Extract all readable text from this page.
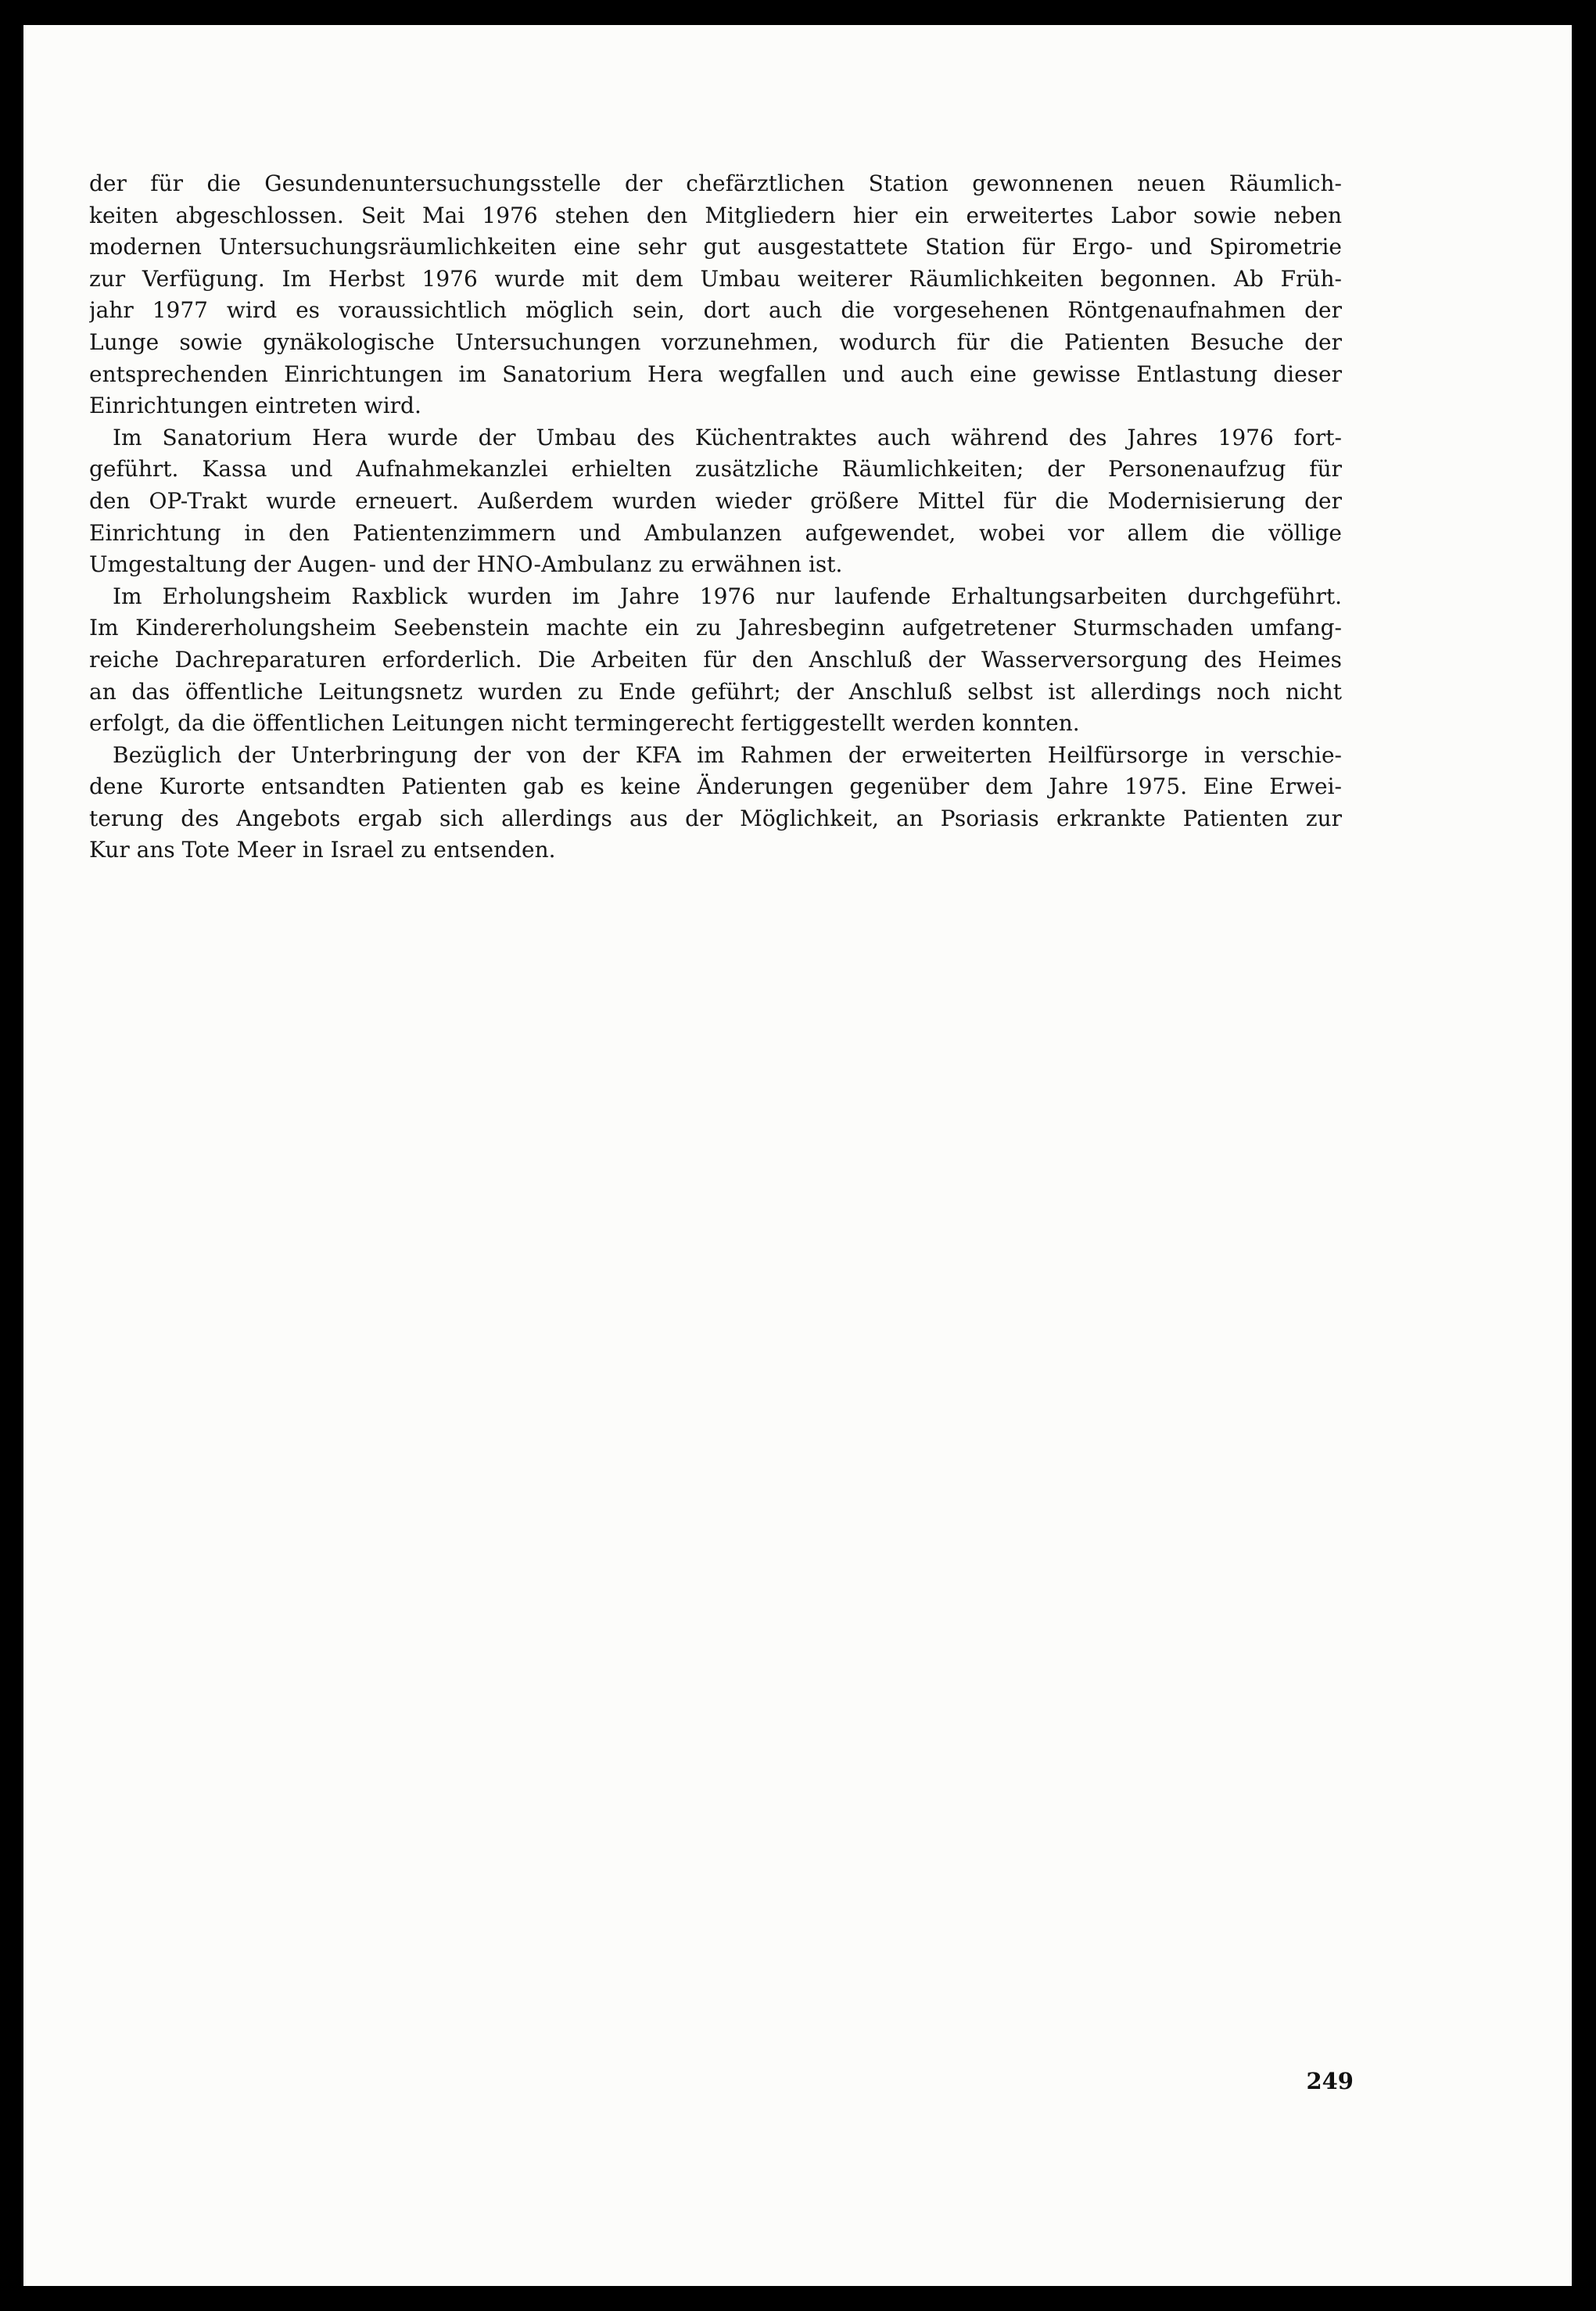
der für die Gesundenuntersuchungsstelle der chefärztlichen Station gewonnenen neuen Räumlich-
keiten abgeschlossen. Seit Mai 1976 stehen den Mitgliedern hier ein erweitertes Labor sowie neben
modernen Untersuchungsräumlichkeiten eine sehr gut ausgestattete Station für Ergo- und Spirometrie
zur Verfügung. Im Herbst 1976 wurde mit dem Umbau weiterer Räumlichkeiten begonnen. Ab Früh-
jahr 1977 wird es voraussichtlich möglich sein, dort auch die vorgesehenen Röntgenaufnahmen der
Lunge sowie gynäkologische Untersuchungen vorzunehmen, wodurch für die Patienten Besuche der
entsprechenden Einrichtungen im Sanatorium Hera wegfallen und auch eine gewisse Entlastung dieser
Einrichtungen eintreten wird.
Im Sanatorium Hera wurde der Umbau des Küchentraktes auch während des Jahres 1976 fort-
geführt. Kassa und Aufnahmekanzlei erhielten zusätzliche Räumlichkeiten; der Personenaufzug für
den OP-Trakt wurde erneuert. Außerdem wurden wieder größere Mittel für die Modernisierung der
Einrichtung in den Patientenzimmern und Ambulanzen aufgewendet, wobei vor allem die völlige
Umgestaltung der Augen- und der HNO-Ambulanz zu erwähnen ist.
Im Erholungsheim Raxblick wurden im Jahre 1976 nur laufende Erhaltungsarbeiten durchgeführt.
Im Kindererholungsheim Seebenstein machte ein zu Jahresbeginn aufgetretener Sturmschaden umfang-
reiche Dachreparaturen erforderlich. Die Arbeiten für den Anschluß der Wasserversorgung des Heimes
an das öffentliche Leitungsnetz wurden zu Ende geführt; der Anschluß selbst ist allerdings noch nicht
erfolgt, da die öffentlichen Leitungen nicht termingerecht fertiggestellt werden konnten.
Bezüglich der Unterbringung der von der KFA im Rahmen der erweiterten Heilfürsorge in verschie-
dene Kurorte entsandten Patienten gab es keine Änderungen gegenüber dem Jahre 1975. Eine Erwei-
terung des Angebots ergab sich allerdings aus der Möglichkeit, an Psoriasis erkrankte Patienten zur
Kur ans Tote Meer in Israel zu entsenden.
249
